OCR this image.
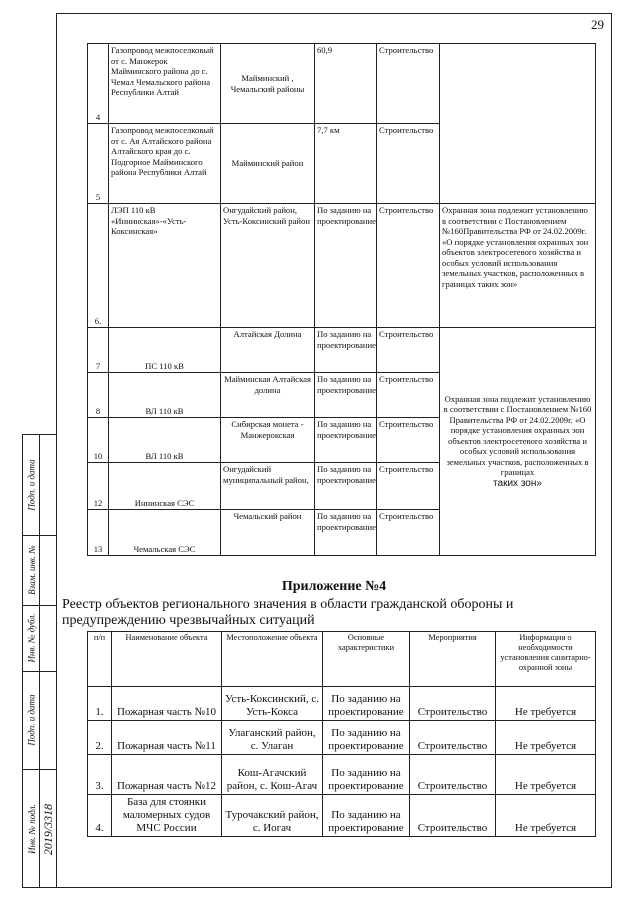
29
Подп. и дата
Взам. инв. №
Инв. № дубл.
Подп. и дата
Инв. № подл. 2019/3318
4	Газопровод межпоселковый от с. Манжерок Майминского района до с. Чемал Чемальского района Республики Алтай	Майминский , Чемальский районы	60,9	Строительство	
5	Газопровод межпоселковый от с. Ая Алтайского района Алтайского края до с. Подгорное Майминского района Республики Алтай	Майминский район	7,7 км	Строительство	
6.	ЛЭП 110 кВ «Иннинская»-«Усть-Коксинская»	Онгудайский район, Усть-Коксинский район	По заданию на проектирование	Строительство	Охранная зона подлежит установлению в соответствии с Постановлением №160Правительства РФ от 24.02.2009г. «О порядке установления охранных зон объектов электросетевого хозяйства и особых условий использования земельных участков, расположенных в границах таких зон»
7	ПС 110 кВ	Алтайская Долина	По заданию на проектирование	Строительство	Охранная зона подлежит установлению в соответствии с Постановлением №160 Правительства РФ от 24.02.2009г. «О порядке установления охранных зон объектов электросетевого хозяйства и особых условий использования земельных участков, расположенных в границах
таких зон»
8	ВЛ 110 кВ	Майминская Алтайская долина	По заданию на проектирование	Строительство	
10	ВЛ 110 кВ	Сибирская монета - Манжерокская	По заданию на проектирование	Строительство	
12	Иннинская СЭС	Онгудайский муниципальный район,	По заданию на проектирование	Строительство	
13	Чемальская СЭС	Чемальский район	По заданию на проектирование	Строительство	
Приложение №4
Реестр объектов регионального значения в области гражданской обороны и предупреждению чрезвычайных ситуаций
п/п	Наименование объекта	Местоположение объекта	Основные характеристики	Мероприятия	Информация о необходимости установления санитарно-охранной зоны
1.	Пожарная часть №10	Усть-Коксинский, с. Усть-Кокса	По заданию на проектирование	Строительство	Не требуется
2.	Пожарная часть №11	Улаганский район, с. Улаган	По заданию на проектирование	Строительство	Не требуется
3.	Пожарная часть №12	Кош-Агачский район, с. Кош-Агач	По заданию на проектирование	Строительство	Не требуется
4.	База для стоянки маломерных судов МЧС России	Турочакский район, с. Иогач	По заданию на проектирование	Строительство	Не требуется
